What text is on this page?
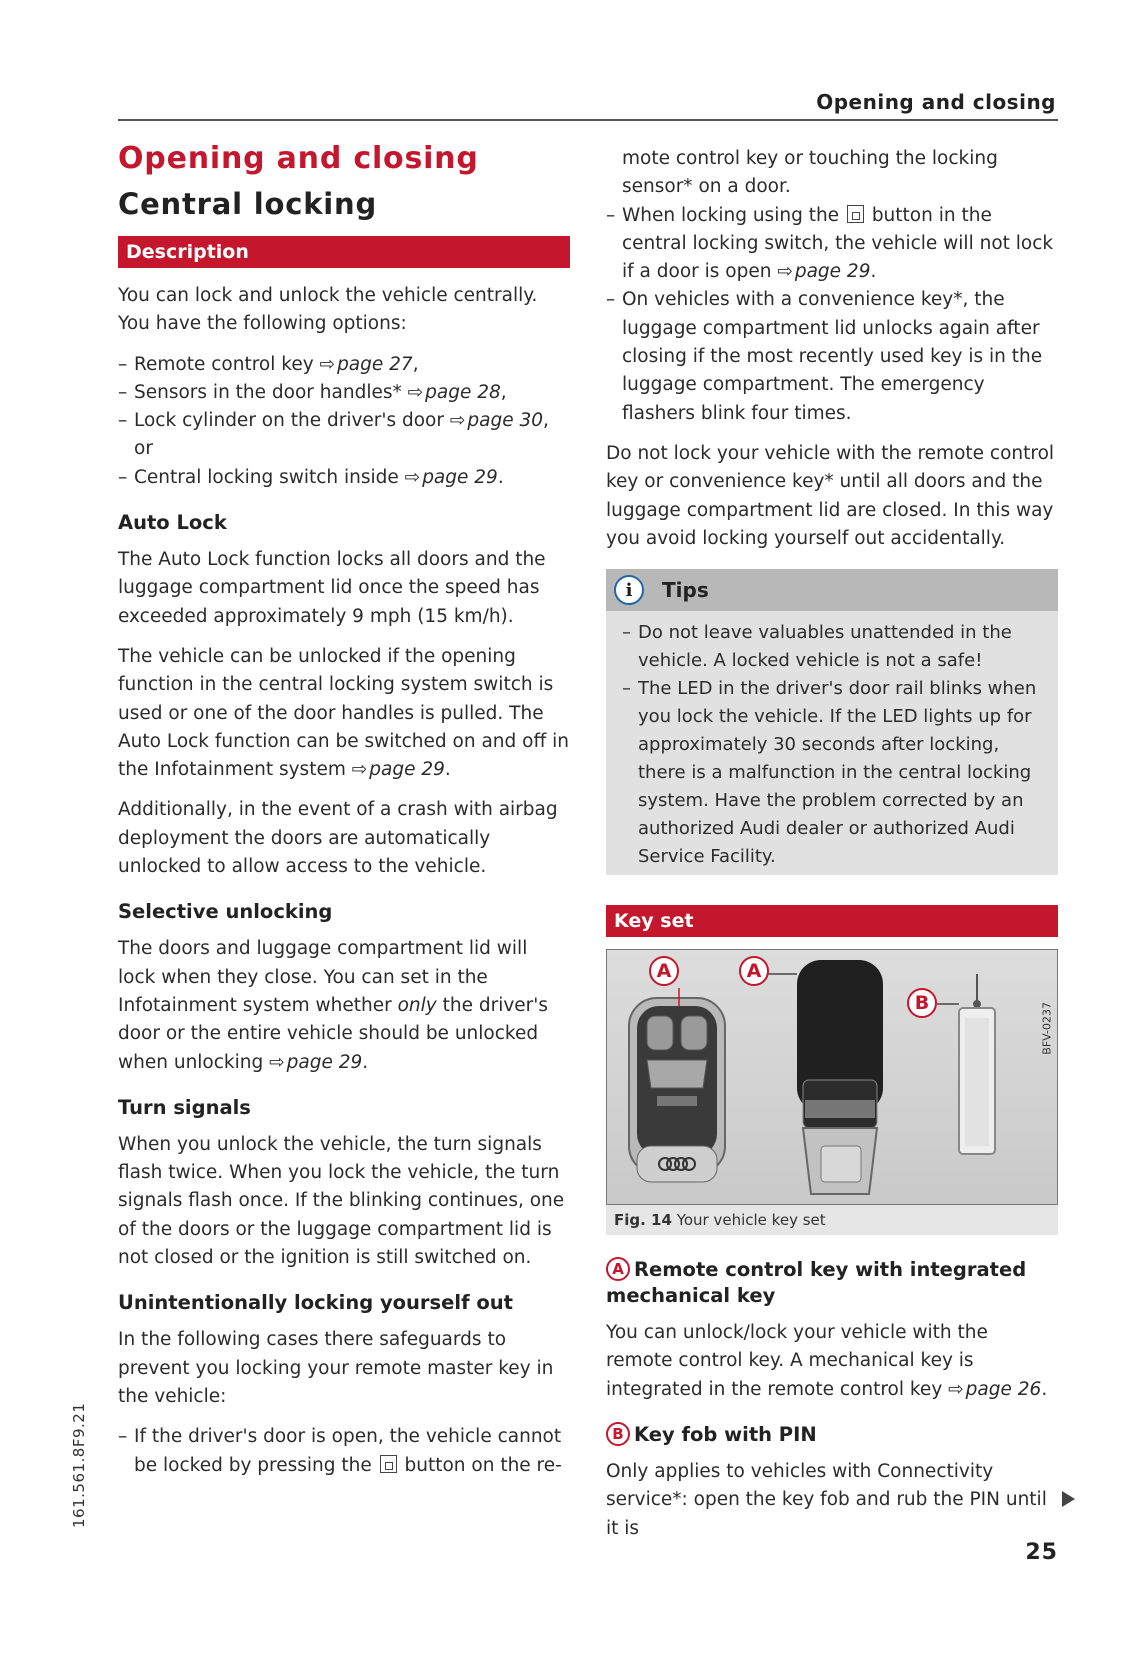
Opening and closing
161.561.8F9.21
Opening and closing
Central locking
Description

You can lock and unlock the vehicle centrally. You have the following options:

– Remote control key ⇨ page 27,
– Sensors in the door handles* ⇨ page 28,
– Lock cylinder on the driver's door ⇨ page 30, or
– Central locking switch inside ⇨ page 29.
Auto Lock

The Auto Lock function locks all doors and the luggage compartment lid once the speed has exceeded approximately 9 mph (15 km/h).

The vehicle can be unlocked if the opening function in the central locking system switch is used or one of the door handles is pulled. The Auto Lock function can be switched on and off in the Infotainment system ⇨ page 29.

Additionally, in the event of a crash with airbag deployment the doors are automatically unlocked to allow access to the vehicle.

Selective unlocking

The doors and luggage compartment lid will lock when they close. You can set in the Infotainment system whether only the driver's door or the entire vehicle should be unlocked when unlocking ⇨ page 29.

Turn signals

When you unlock the vehicle, the turn signals flash twice. When you lock the vehicle, the turn signals flash once. If the blinking continues, one of the doors or the luggage compartment lid is not closed or the ignition is still switched on.

Unintentionally locking yourself out

In the following cases there safeguards to prevent you locking your remote master key in the vehicle:

– If the driver's door is open, the vehicle cannot be locked by pressing the  button on the re-

mote control key or touching the locking sensor* on a door.

– When locking using the  button in the central locking switch, the vehicle will not lock if a door is open ⇨ page 29.
– On vehicles with a convenience key*, the luggage compartment lid unlocks again after closing if the most recently used key is in the luggage compartment. The emergency flashers blink four times.

Do not lock your vehicle with the remote control key or convenience key* until all doors and the luggage compartment lid are closed. In this way you avoid locking yourself out accidentally.

i	Tips
– Do not leave valuables unattended in the vehicle. A locked vehicle is not a safe!
– The LED in the driver's door rail blinks when you lock the vehicle. If the LED lights up for approximately 30 seconds after locking, there is a malfunction in the central locking system. Have the problem corrected by an authorized Audi dealer or authorized Audi Service Facility.
Key set
A	A
B	BFV-0237
Fig. 14 Your vehicle key set
A Remote control key with integrated mechanical key

You can unlock/lock your vehicle with the remote control key. A mechanical key is integrated in the remote control key ⇨ page 26.

B Key fob with PIN

Only applies to vehicles with Connectivity service*: open the key fob and rub the PIN until it is

25
